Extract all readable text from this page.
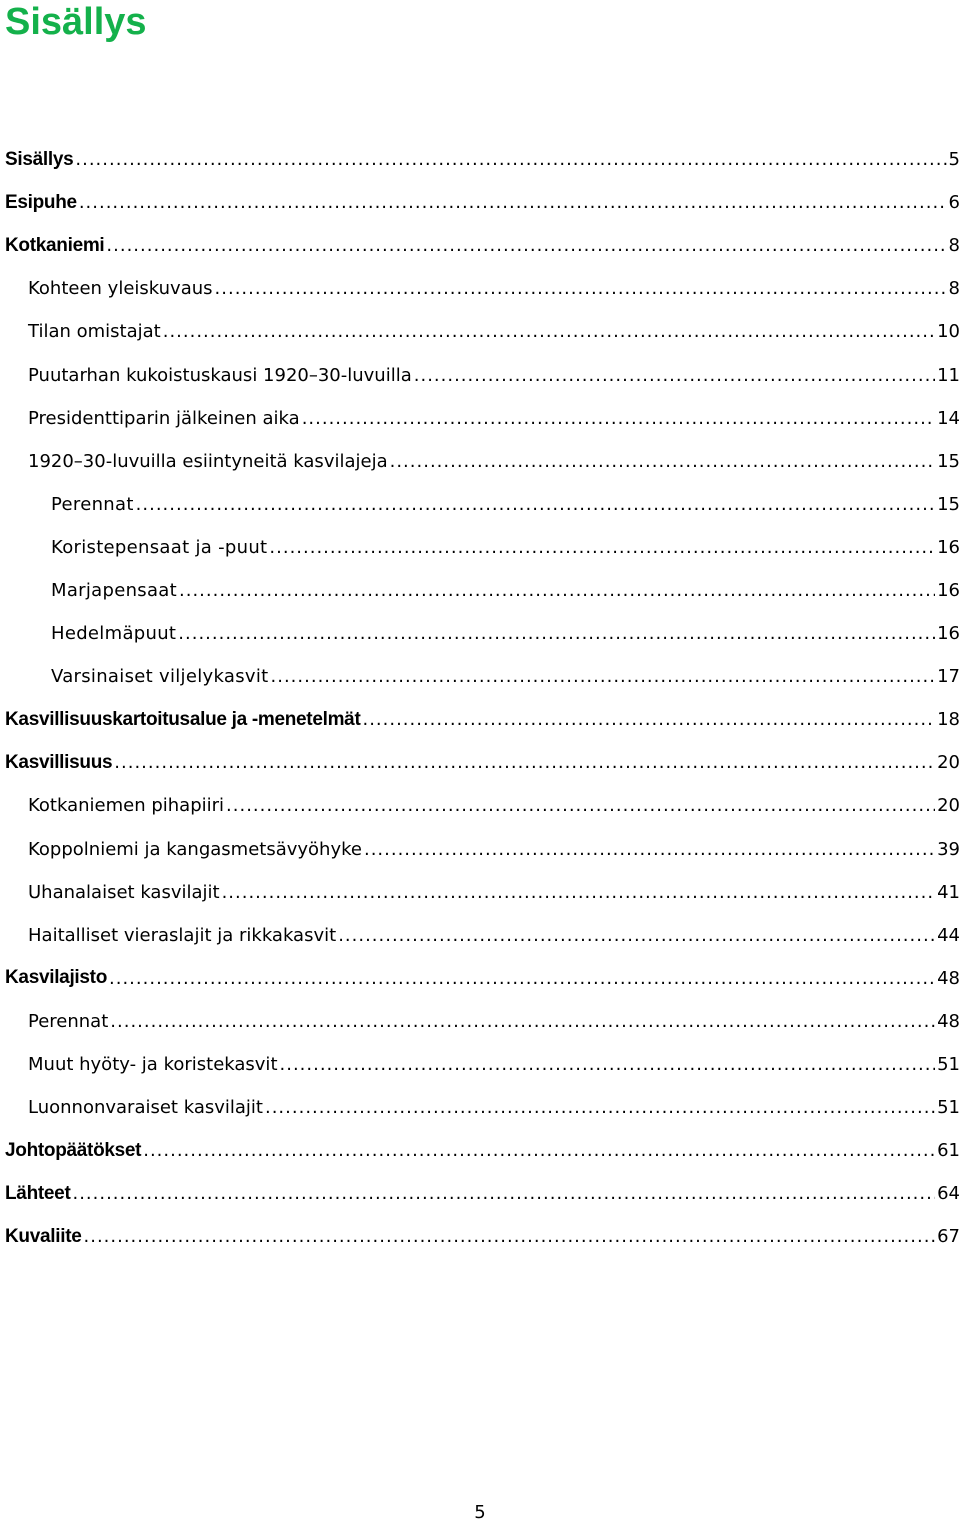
Sisällys
Sisällys .....	5
Esipuhe .....	6
Kotkaniemi .....	8
Kohteen yleiskuvaus .....	8
Tilan omistajat .....	10
Puutarhan kukoistuskausi 1920–30-luvuilla .....	11
Presidenttiparin jälkeinen aika .....	14
1920–30-luvuilla esiintyneitä kasvilajeja .....	15
Perennat .....	15
Koristepensaat ja -puut .....	16
Marjapensaat .....	16
Hedelmäpuut .....	16
Varsinaiset viljelykasvit .....	17
Kasvillisuuskartoitusalue ja -menetelmät .....	18
Kasvillisuus .....	20
Kotkaniemen pihapiiri .....	20
Koppolniemi ja kangasmetsävyöhyke .....	39
Uhanalaiset kasvilajit .....	41
Haitalliset vieraslajit ja rikkakasvit .....	44
Kasvilajisto .....	48
Perennat .....	48
Muut hyöty- ja koristekasvit .....	51
Luonnonvaraiset kasvilajit .....	51
Johtopäätökset .....	61
Lähteet .....	64
Kuvaliite .....	67
5
